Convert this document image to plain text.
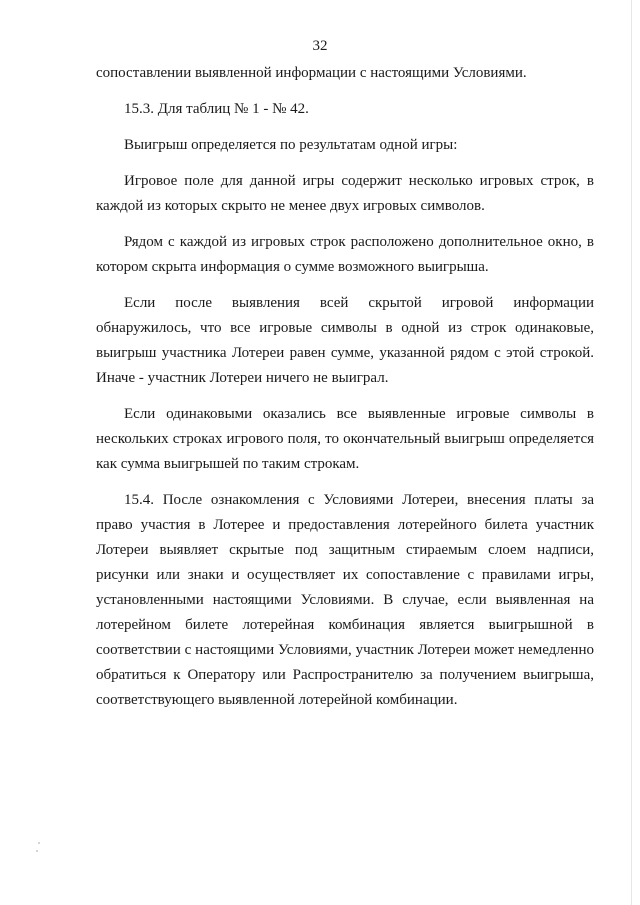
32

сопоставлении выявленной информации с настоящими Условиями.

15.3. Для таблиц № 1 - № 42.

Выигрыш определяется по результатам одной игры:

Игровое поле для данной игры содержит несколько игровых строк, в каждой из которых скрыто не менее двух игровых символов.

Рядом с каждой из игровых строк расположено дополнительное окно, в котором скрыта информация о сумме возможного выигрыша.

Если после выявления всей скрытой игровой информации обнаружилось, что все игровые символы в одной из строк одинаковые, выигрыш участника Лотереи равен сумме, указанной рядом с этой строкой. Иначе - участник Лотереи ничего не выиграл.

Если одинаковыми оказались все выявленные игровые символы в нескольких строках игрового поля, то окончательный выигрыш определяется как сумма выигрышей по таким строкам.

15.4. После ознакомления с Условиями Лотереи, внесения платы за право участия в Лотерее и предоставления лотерейного билета участник Лотереи выявляет скрытые под защитным стираемым слоем надписи, рисунки или знаки и осуществляет их сопоставление с правилами игры, установленными настоящими Условиями. В случае, если выявленная на лотерейном билете лотерейная комбинация является выигрышной в соответствии с настоящими Условиями, участник Лотереи может немедленно обратиться к Оператору или Распространителю за получением выигрыша, соответствующего выявленной лотерейной комбинации.
